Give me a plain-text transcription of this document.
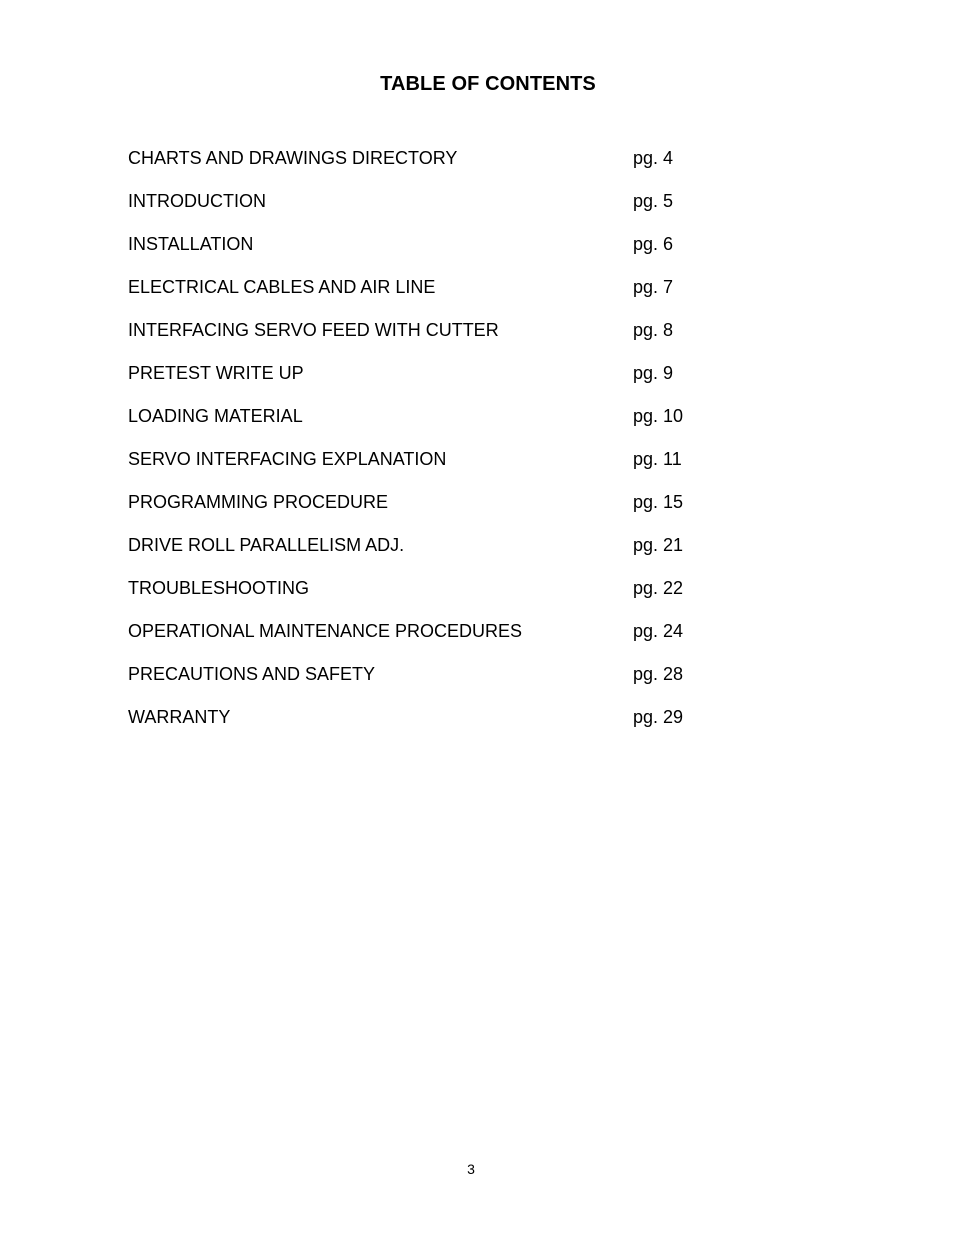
TABLE OF CONTENTS
CHARTS AND DRAWINGS DIRECTORY	pg. 4
INTRODUCTION	pg. 5
INSTALLATION	pg. 6
ELECTRICAL CABLES AND AIR LINE	pg. 7
INTERFACING SERVO FEED WITH CUTTER	pg. 8
PRETEST WRITE UP	pg. 9
LOADING MATERIAL	pg. 10
SERVO INTERFACING EXPLANATION	pg. 11
PROGRAMMING PROCEDURE	pg. 15
DRIVE ROLL PARALLELISM ADJ.	pg. 21
TROUBLESHOOTING	pg. 22
OPERATIONAL MAINTENANCE PROCEDURES	pg. 24
PRECAUTIONS AND SAFETY	pg. 28
WARRANTY	pg. 29
3
